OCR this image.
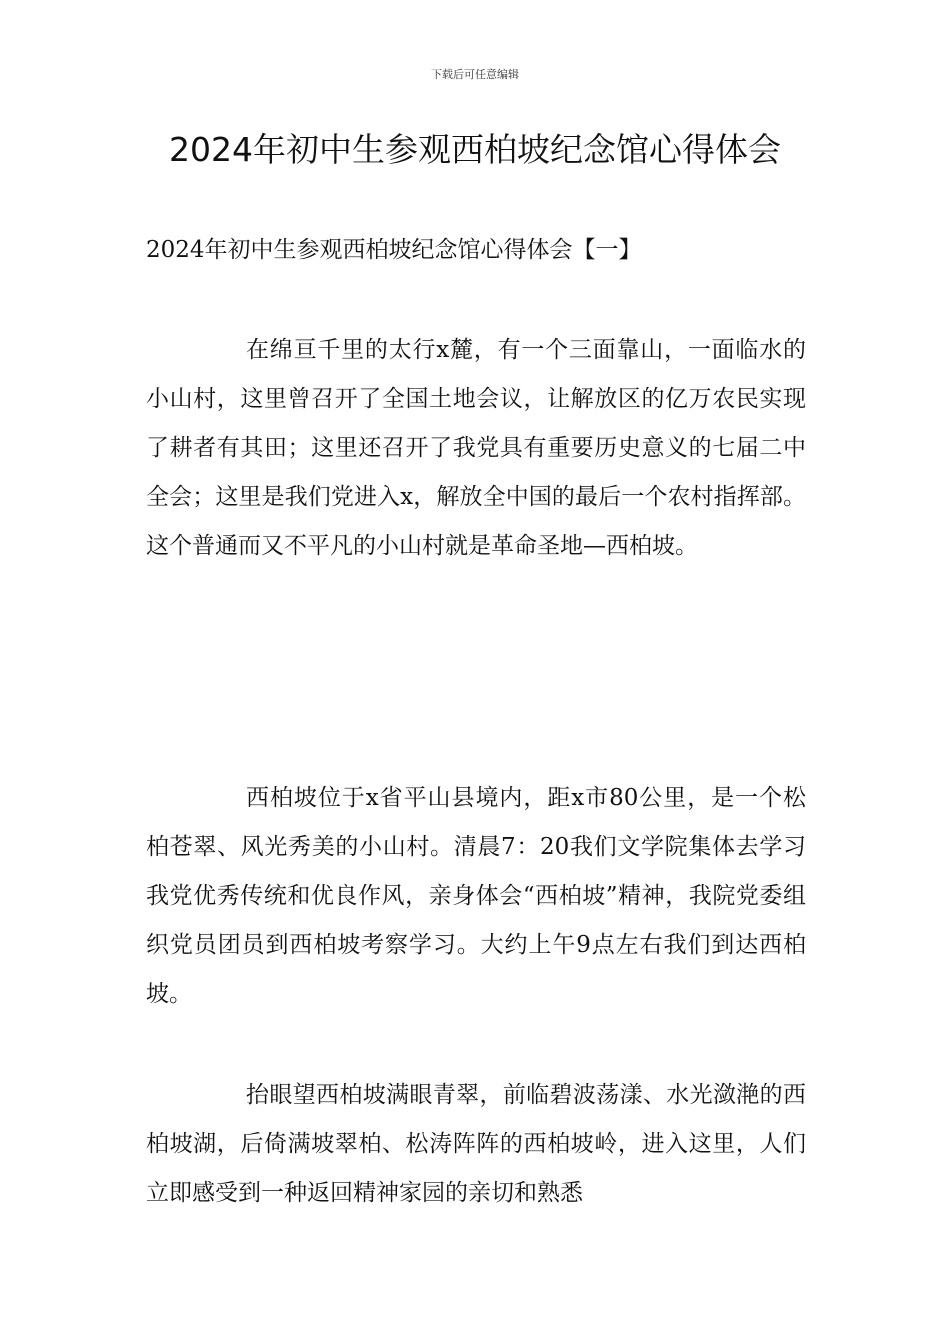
下载后可任意编辑
2024年初中生参观西柏坡纪念馆心得体会
2024年初中生参观西柏坡纪念馆心得体会【一】

在绵亘千里的太行x麓，有一个三面靠山，一面临水的小山村，这里曾召开了全国土地会议，让解放区的亿万农民实现了耕者有其田；这里还召开了我党具有重要历史意义的七届二中全会；这里是我们党进入x，解放全中国的最后一个农村指挥部。这个普通而又不平凡的小山村就是革命圣地—西柏坡。

西柏坡位于x省平山县境内，距x市80公里，是一个松柏苍翠、风光秀美的小山村。清晨7：20我们文学院集体去学习我党优秀传统和优良作风，亲身体会“西柏坡”精神，我院党委组织党员团员到西柏坡考察学习。大约上午9点左右我们到达西柏坡。

抬眼望西柏坡满眼青翠，前临碧波荡漾、水光潋滟的西柏坡湖，后倚满坡翠柏、松涛阵阵的西柏坡岭，进入这里，人们立即感受到一种返回精神家园的亲切和熟悉
